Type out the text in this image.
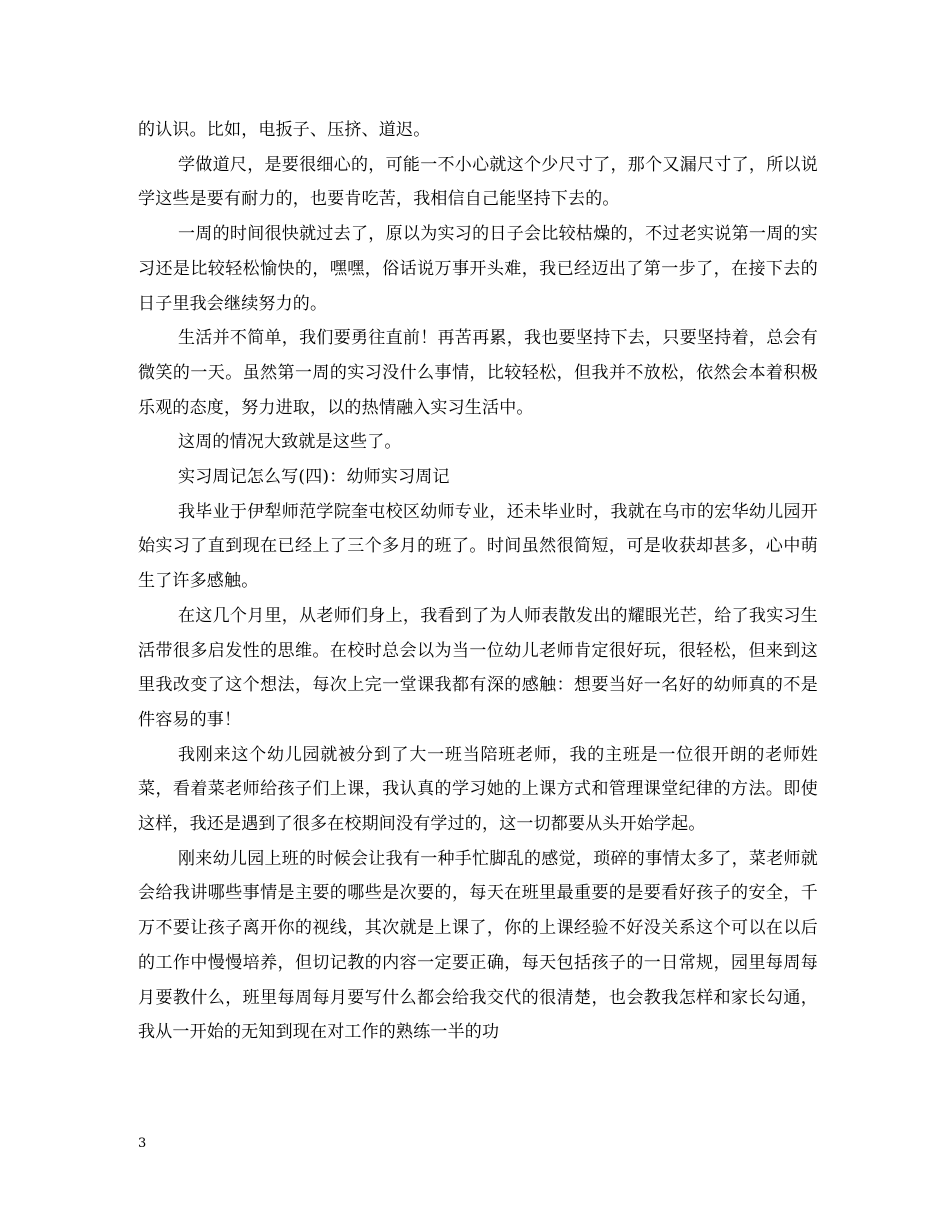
的认识。比如，电扳子、压挤、道迟。

学做道尺，是要很细心的，可能一不小心就这个少尺寸了，那个又漏尺寸了，所以说学这些是要有耐力的，也要肯吃苦，我相信自己能坚持下去的。

一周的时间很快就过去了，原以为实习的日子会比较枯燥的，不过老实说第一周的实习还是比较轻松愉快的，嘿嘿，俗话说万事开头难，我已经迈出了第一步了，在接下去的日子里我会继续努力的。

生活并不简单，我们要勇往直前！再苦再累，我也要坚持下去，只要坚持着，总会有微笑的一天。虽然第一周的实习没什么事情，比较轻松，但我并不放松，依然会本着积极乐观的态度，努力进取，以的热情融入实习生活中。

这周的情况大致就是这些了。

实习周记怎么写(四)：幼师实习周记

我毕业于伊犁师范学院奎屯校区幼师专业，还未毕业时，我就在乌市的宏华幼儿园开始实习了直到现在已经上了三个多月的班了。时间虽然很简短，可是收获却甚多，心中萌生了许多感触。

在这几个月里，从老师们身上，我看到了为人师表散发出的耀眼光芒，给了我实习生活带很多启发性的思维。在校时总会以为当一位幼儿老师肯定很好玩，很轻松，但来到这里我改变了这个想法，每次上完一堂课我都有深的感触：想要当好一名好的幼师真的不是件容易的事！

我刚来这个幼儿园就被分到了大一班当陪班老师，我的主班是一位很开朗的老师姓菜，看着菜老师给孩子们上课，我认真的学习她的上课方式和管理课堂纪律的方法。即使这样，我还是遇到了很多在校期间没有学过的，这一切都要从头开始学起。

刚来幼儿园上班的时候会让我有一种手忙脚乱的感觉，琐碎的事情太多了，菜老师就会给我讲哪些事情是主要的哪些是次要的，每天在班里最重要的是要看好孩子的安全，千万不要让孩子离开你的视线，其次就是上课了，你的上课经验不好没关系这个可以在以后的工作中慢慢培养，但切记教的内容一定要正确，每天包括孩子的一日常规，园里每周每月要教什么，班里每周每月要写什么都会给我交代的很清楚，也会教我怎样和家长勾通，我从一开始的无知到现在对工作的熟练一半的功

3
